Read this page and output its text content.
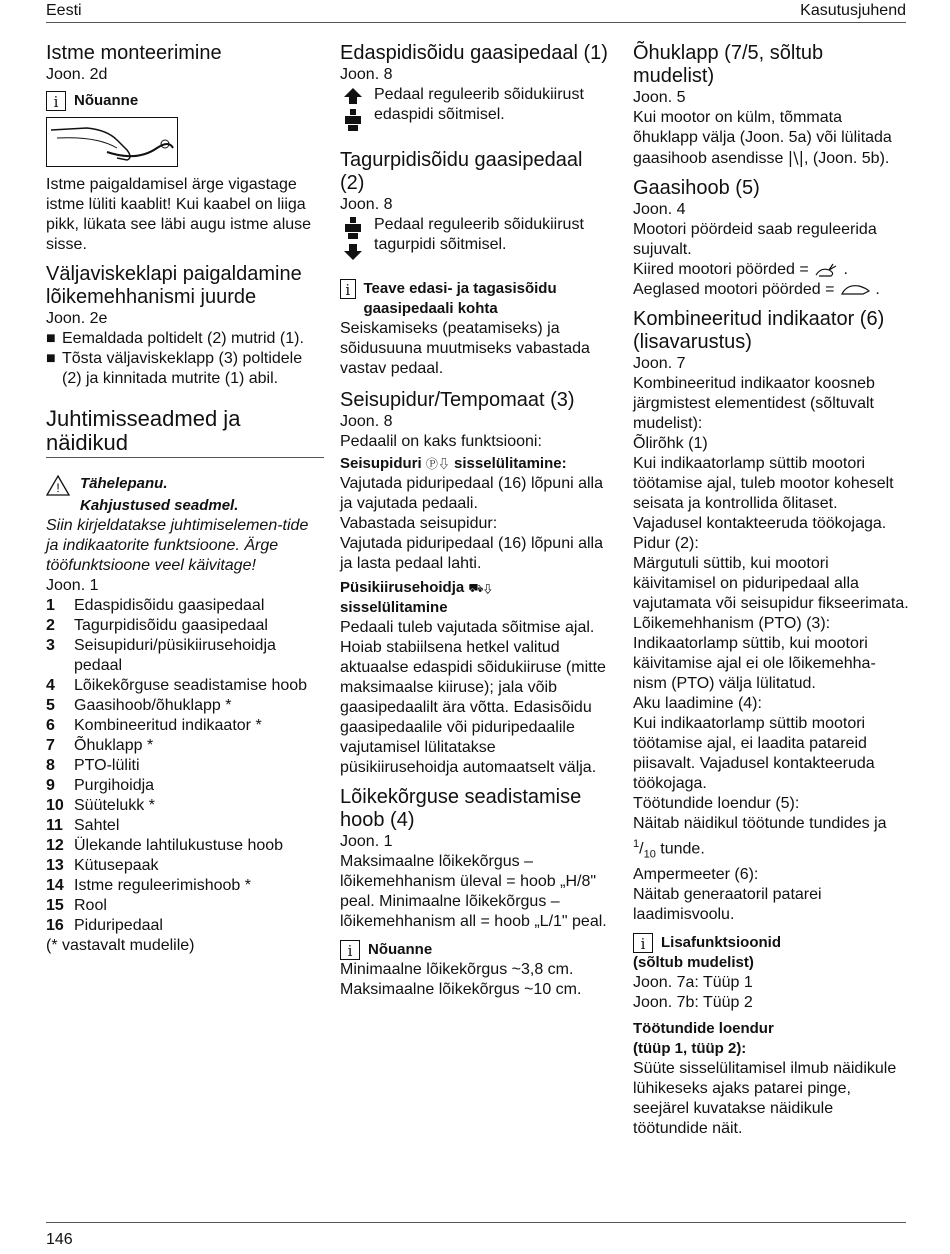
Eesti	Kasutusjuhend
Istme monteerimine

Joon. 2d

i	Nõuanne

Istme paigaldamisel ärge vigastage istme lüliti kaablit! Kui kaabel on liiga pikk, lükata see läbi augu istme aluse sisse.

Väljaviskeklapi paigaldamine lõikemehhanismi juurde

Joon. 2e

■ Eemaldada poltidelt (2) mutrid (1).
■ Tõsta väljaviskeklapp (3) poltidele (2) ja kinnitada mutrite (1) abil.
Juhtimisseadmed ja näidikud
! Tähelepanu.
Kahjustused seadmel.

Siin kirjeldatakse juhtimiselemen-tide ja indikaatorite funktsioone. Ärge tööfunktsioone veel käivitage!

Joon. 1

1	Edaspidisõidu gaasipedaal
2	Tagurpidisõidu gaasipedaal
3	Seisupiduri/püsikiirusehoidja pedaal
4	Lõikekõrguse seadistamise hoob
5	Gaasihoob/õhuklapp *
6	Kombineeritud indikaator *
7	Õhuklapp *
8	PTO-lüliti
9	Purgihoidja
10 Süütelukk *
11 Sahtel
12 Ülekande lahtilukustuse hoob
13 Kütusepaak
14 Istme reguleerimishoob *
15 Rool
16 Piduripedaal

(* vastavalt mudelile)

Edaspidisõidu gaasipedaal (1)

Joon. 8

Pedaal reguleerib sõidukiirust edaspidi sõitmisel.

Tagurpidisõidu gaasipedaal (2)

Joon. 8

Pedaal reguleerib sõidukiirust tagurpidi sõitmisel.

i Teave edasi- ja tagasisõidu gaasipedaali kohta

Seiskamiseks (peatamiseks) ja sõidusuuna muutmiseks vabastada vastav pedaal.

Seisupidur/Tempomaat (3)

Joon. 8

Pedaalil on kaks funktsiooni:

Seisupiduri Ⓟ⇩ sisselülitamine:

Vajutada piduripedaal (16) lõpuni alla ja vajutada pedaali.

Vabastada seisupidur:

Vajutada piduripedaal (16) lõpuni alla ja lasta pedaal lahti.

Püsikiirusehoidja ⛟⇩
sisselülitamine

Pedaali tuleb vajutada sõitmise ajal. Hoiab stabiilsena hetkel valitud aktuaalse edaspidi sõidukiiruse (mitte maksimaalse kiiruse); jala võib gaasipedaalilt ära võtta. Edasisõidu gaasipedaalile või piduripedaalile vajutamisel lülitatakse püsikiirusehoidja automaatselt välja.

Lõikekõrguse seadistamise hoob (4)

Joon. 1

Maksimaalne lõikekõrgus – lõikemehhanism üleval = hoob „H/8" peal. Minimaalne lõikekõrgus – lõikemehhanism all = hoob „L/1" peal.

i	Nõuanne

Minimaalne lõikekõrgus ~3,8 cm.

Maksimaalne lõikekõrgus ~10 cm.

Õhuklapp (7/5, sõltub mudelist)

Joon. 5

Kui mootor on külm, tõmmata õhuklapp välja (Joon. 5a) või lülitada gaasihoob asendisse |\|, (Joon. 5b).

Gaasihoob (5)

Joon. 4

Mootori pöördeid saab reguleerida sujuvalt.

Kiired mootori pöörded =  .

Aeglased mootori pöörded =  .

Kombineeritud indikaator (6) (lisavarustus)

Joon. 7

Kombineeritud indikaator koosneb järgmistest elementidest (sõltuvalt mudelist):

Õlirõhk (1)

Kui indikaatorlamp süttib mootori töötamise ajal, tuleb mootor koheselt seisata ja kontrollida õlitaset. Vajadusel kontakteeruda töökojaga.

Pidur (2):

Märgutuli süttib, kui mootori käivitamisel on piduripedaal alla vajutamata või seisupidur fikseerimata.

Lõikemehhanism (PTO) (3):

Indikaatorlamp süttib, kui mootori käivitamise ajal ei ole lõikemehha-nism (PTO) välja lülitatud.

Aku laadimine (4):

Kui indikaatorlamp süttib mootori töötamise ajal, ei laadita patareid piisavalt. Vajadusel kontakteeruda töökojaga.

Töötundide loendur (5):

Näitab näidikul töötunde tundides ja $^1/_{10}$ tunde.

Ampermeeter (6):

Näitab generaatoril patarei laadimisvoolu.

i	Lisafunktsioonid
(sõltub mudelist)

Joon. 7a: Tüüp 1

Joon. 7b: Tüüp 2

Töötundide loendur
(tüüp 1, tüüp 2):

Süüte sisselülitamisel ilmub näidikule lühikeseks ajaks patarei pinge, seejärel kuvatakse näidikule töötundide näit.

146
